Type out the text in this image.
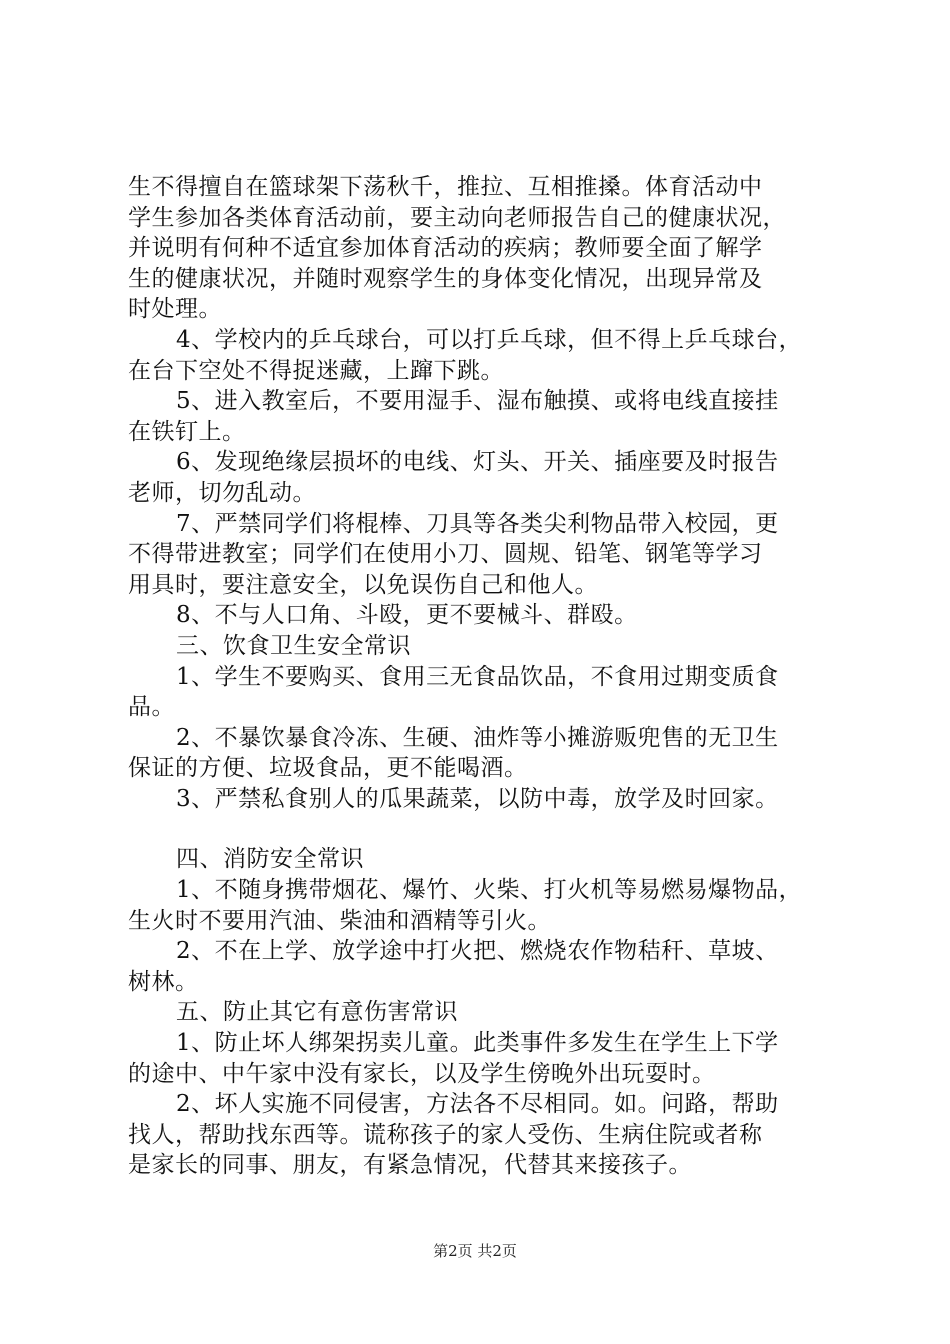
生不得擅自在篮球架下荡秋千，推拉、互相推搡。体育活动中
学生参加各类体育活动前，要主动向老师报告自己的健康状况，
并说明有何种不适宜参加体育活动的疾病；教师要全面了解学
生的健康状况，并随时观察学生的身体变化情况，出现异常及
时处理。
4、学校内的乒乓球台，可以打乒乓球，但不得上乒乓球台，
在台下空处不得捉迷藏，上蹿下跳。
5、进入教室后，不要用湿手、湿布触摸、或将电线直接挂
在铁钉上。
6、发现绝缘层损坏的电线、灯头、开关、插座要及时报告
老师，切勿乱动。
7、严禁同学们将棍棒、刀具等各类尖利物品带入校园，更
不得带进教室；同学们在使用小刀、圆规、铅笔、钢笔等学习
用具时，要注意安全，以免误伤自己和他人。
8、不与人口角、斗殴，更不要械斗、群殴。
三、饮食卫生安全常识
1、学生不要购买、食用三无食品饮品，不食用过期变质食
品。
2、不暴饮暴食冷冻、生硬、油炸等小摊游贩兜售的无卫生
保证的方便、垃圾食品，更不能喝酒。
3、严禁私食别人的瓜果蔬菜，以防中毒，放学及时回家。
四、消防安全常识
1、不随身携带烟花、爆竹、火柴、打火机等易燃易爆物品，
生火时不要用汽油、柴油和酒精等引火。
2、不在上学、放学途中打火把、燃烧农作物秸秆、草坡、
树林。
五、防止其它有意伤害常识
1、防止坏人绑架拐卖儿童。此类事件多发生在学生上下学
的途中、中午家中没有家长，以及学生傍晚外出玩耍时。
2、坏人实施不同侵害，方法各不尽相同。如。问路，帮助
找人，帮助找东西等。谎称孩子的家人受伤、生病住院或者称
是家长的同事、朋友，有紧急情况，代替其来接孩子。
第2页 共2页
